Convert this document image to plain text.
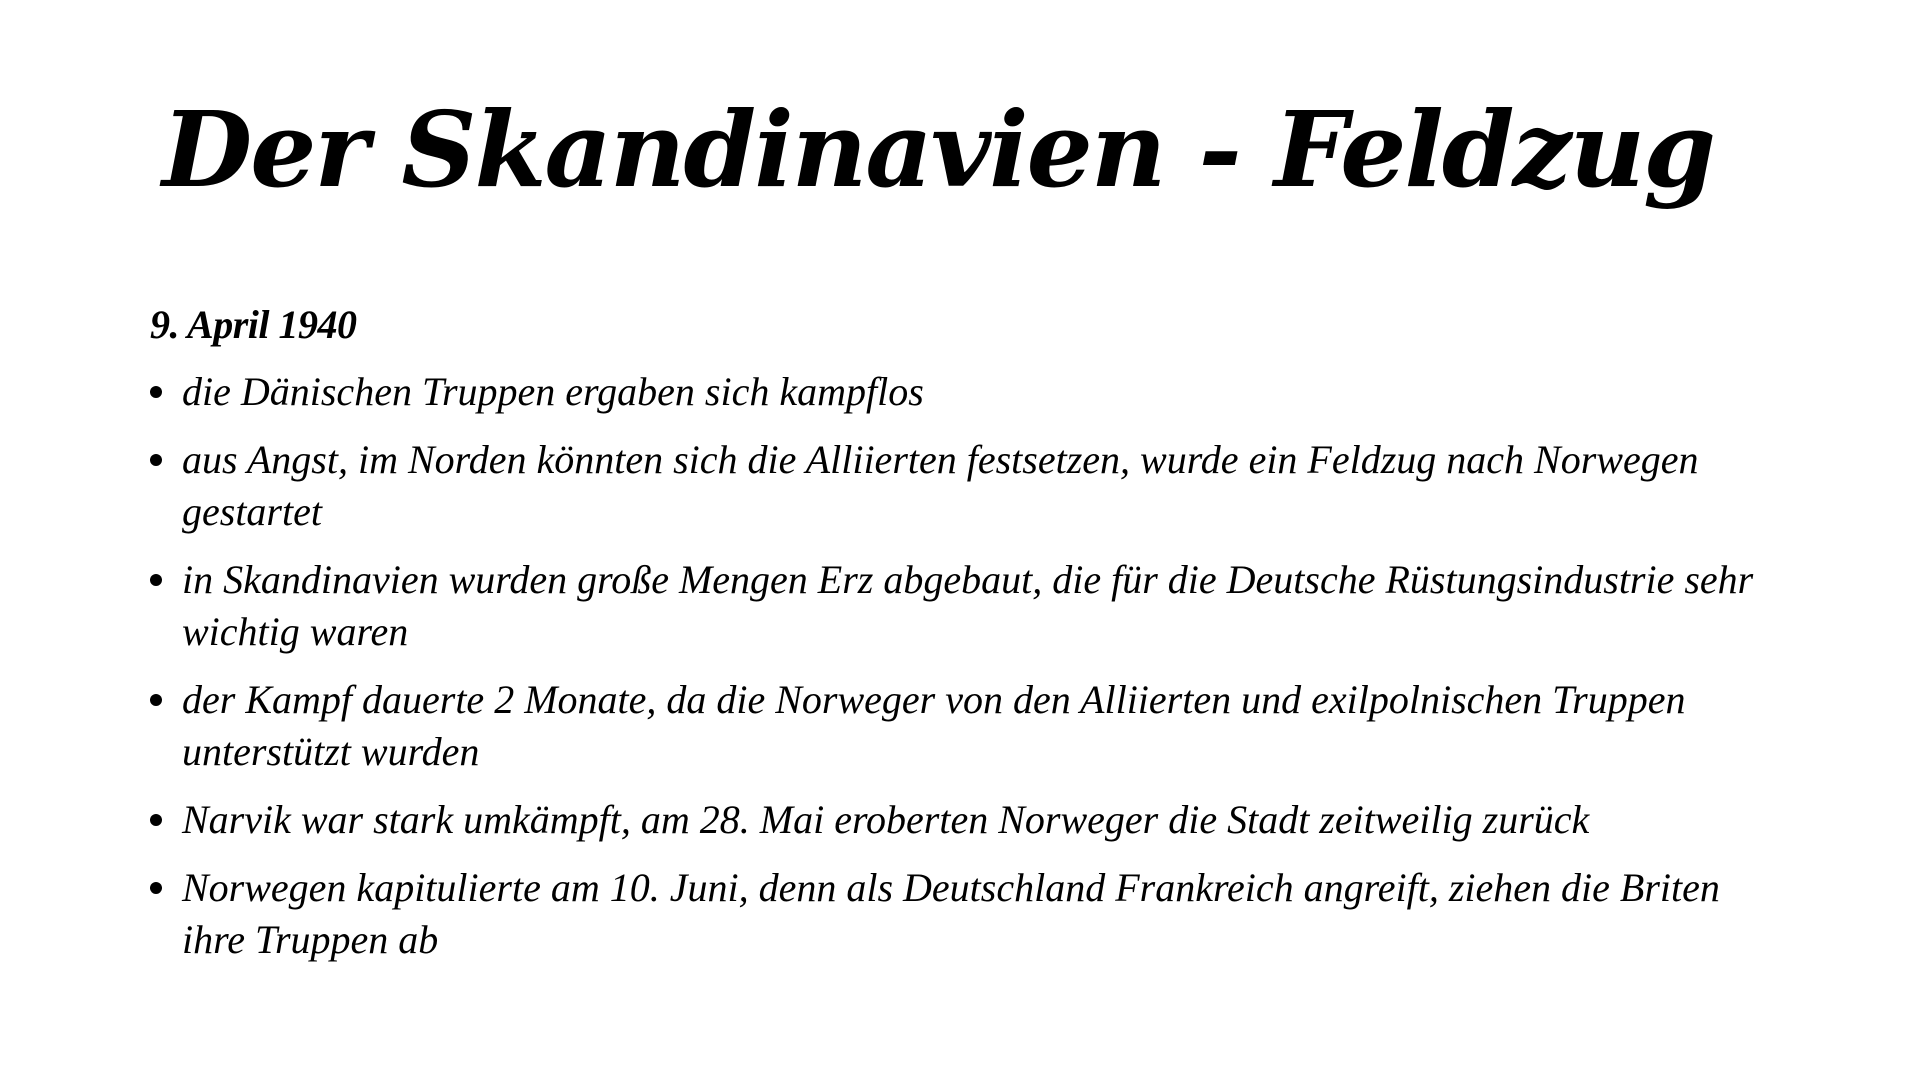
Der Skandinavien - Feldzug

9. April 1940

die Dänischen Truppen ergaben sich kampflos
aus Angst, im Norden könnten sich die Alliierten festsetzen, wurde ein Feldzug nach Norwegen gestartet
in Skandinavien wurden große Mengen Erz abgebaut, die für die Deutsche Rüstungsindustrie sehr wichtig waren
der Kampf dauerte 2 Monate, da die Norweger von den Alliierten und exilpolnischen Truppen unterstützt wurden
Narvik war stark umkämpft, am 28. Mai eroberten Norweger die Stadt zeitweilig zurück
Norwegen kapitulierte am 10. Juni, denn als Deutschland Frankreich angreift, ziehen die Briten ihre Truppen ab
